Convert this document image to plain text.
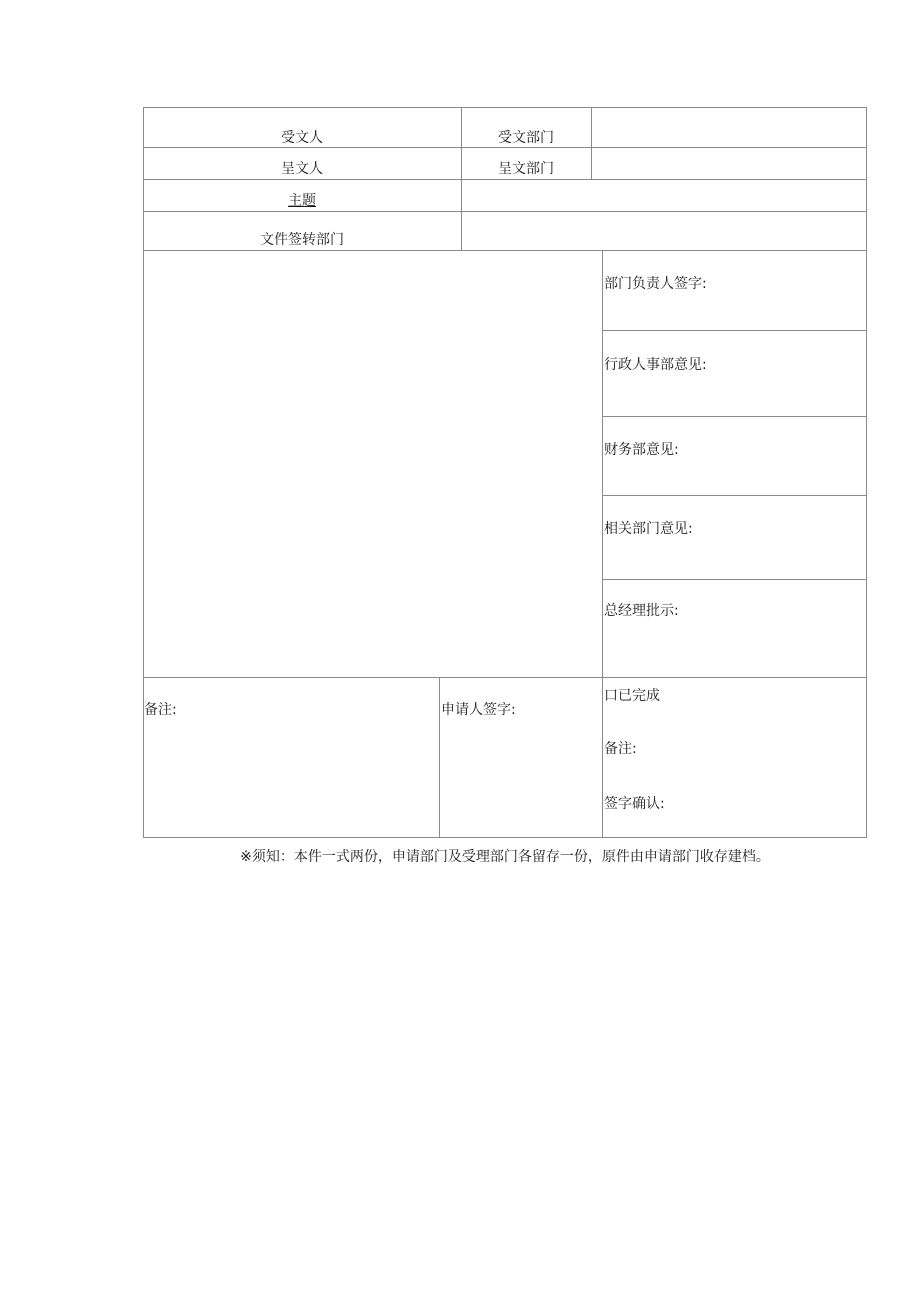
受文人	受文部门
呈文人	呈文部门
主题
文件签转部门
部门负责人签字:
行政人事部意见:
财务部意见:
相关部门意见:
总经理批示:
备注:	申请人签字:
口已完成
备注:
签字确认:
※须知：本件一式两份，申请部门及受理部门各留存一份，原件由申请部门收存建档。
